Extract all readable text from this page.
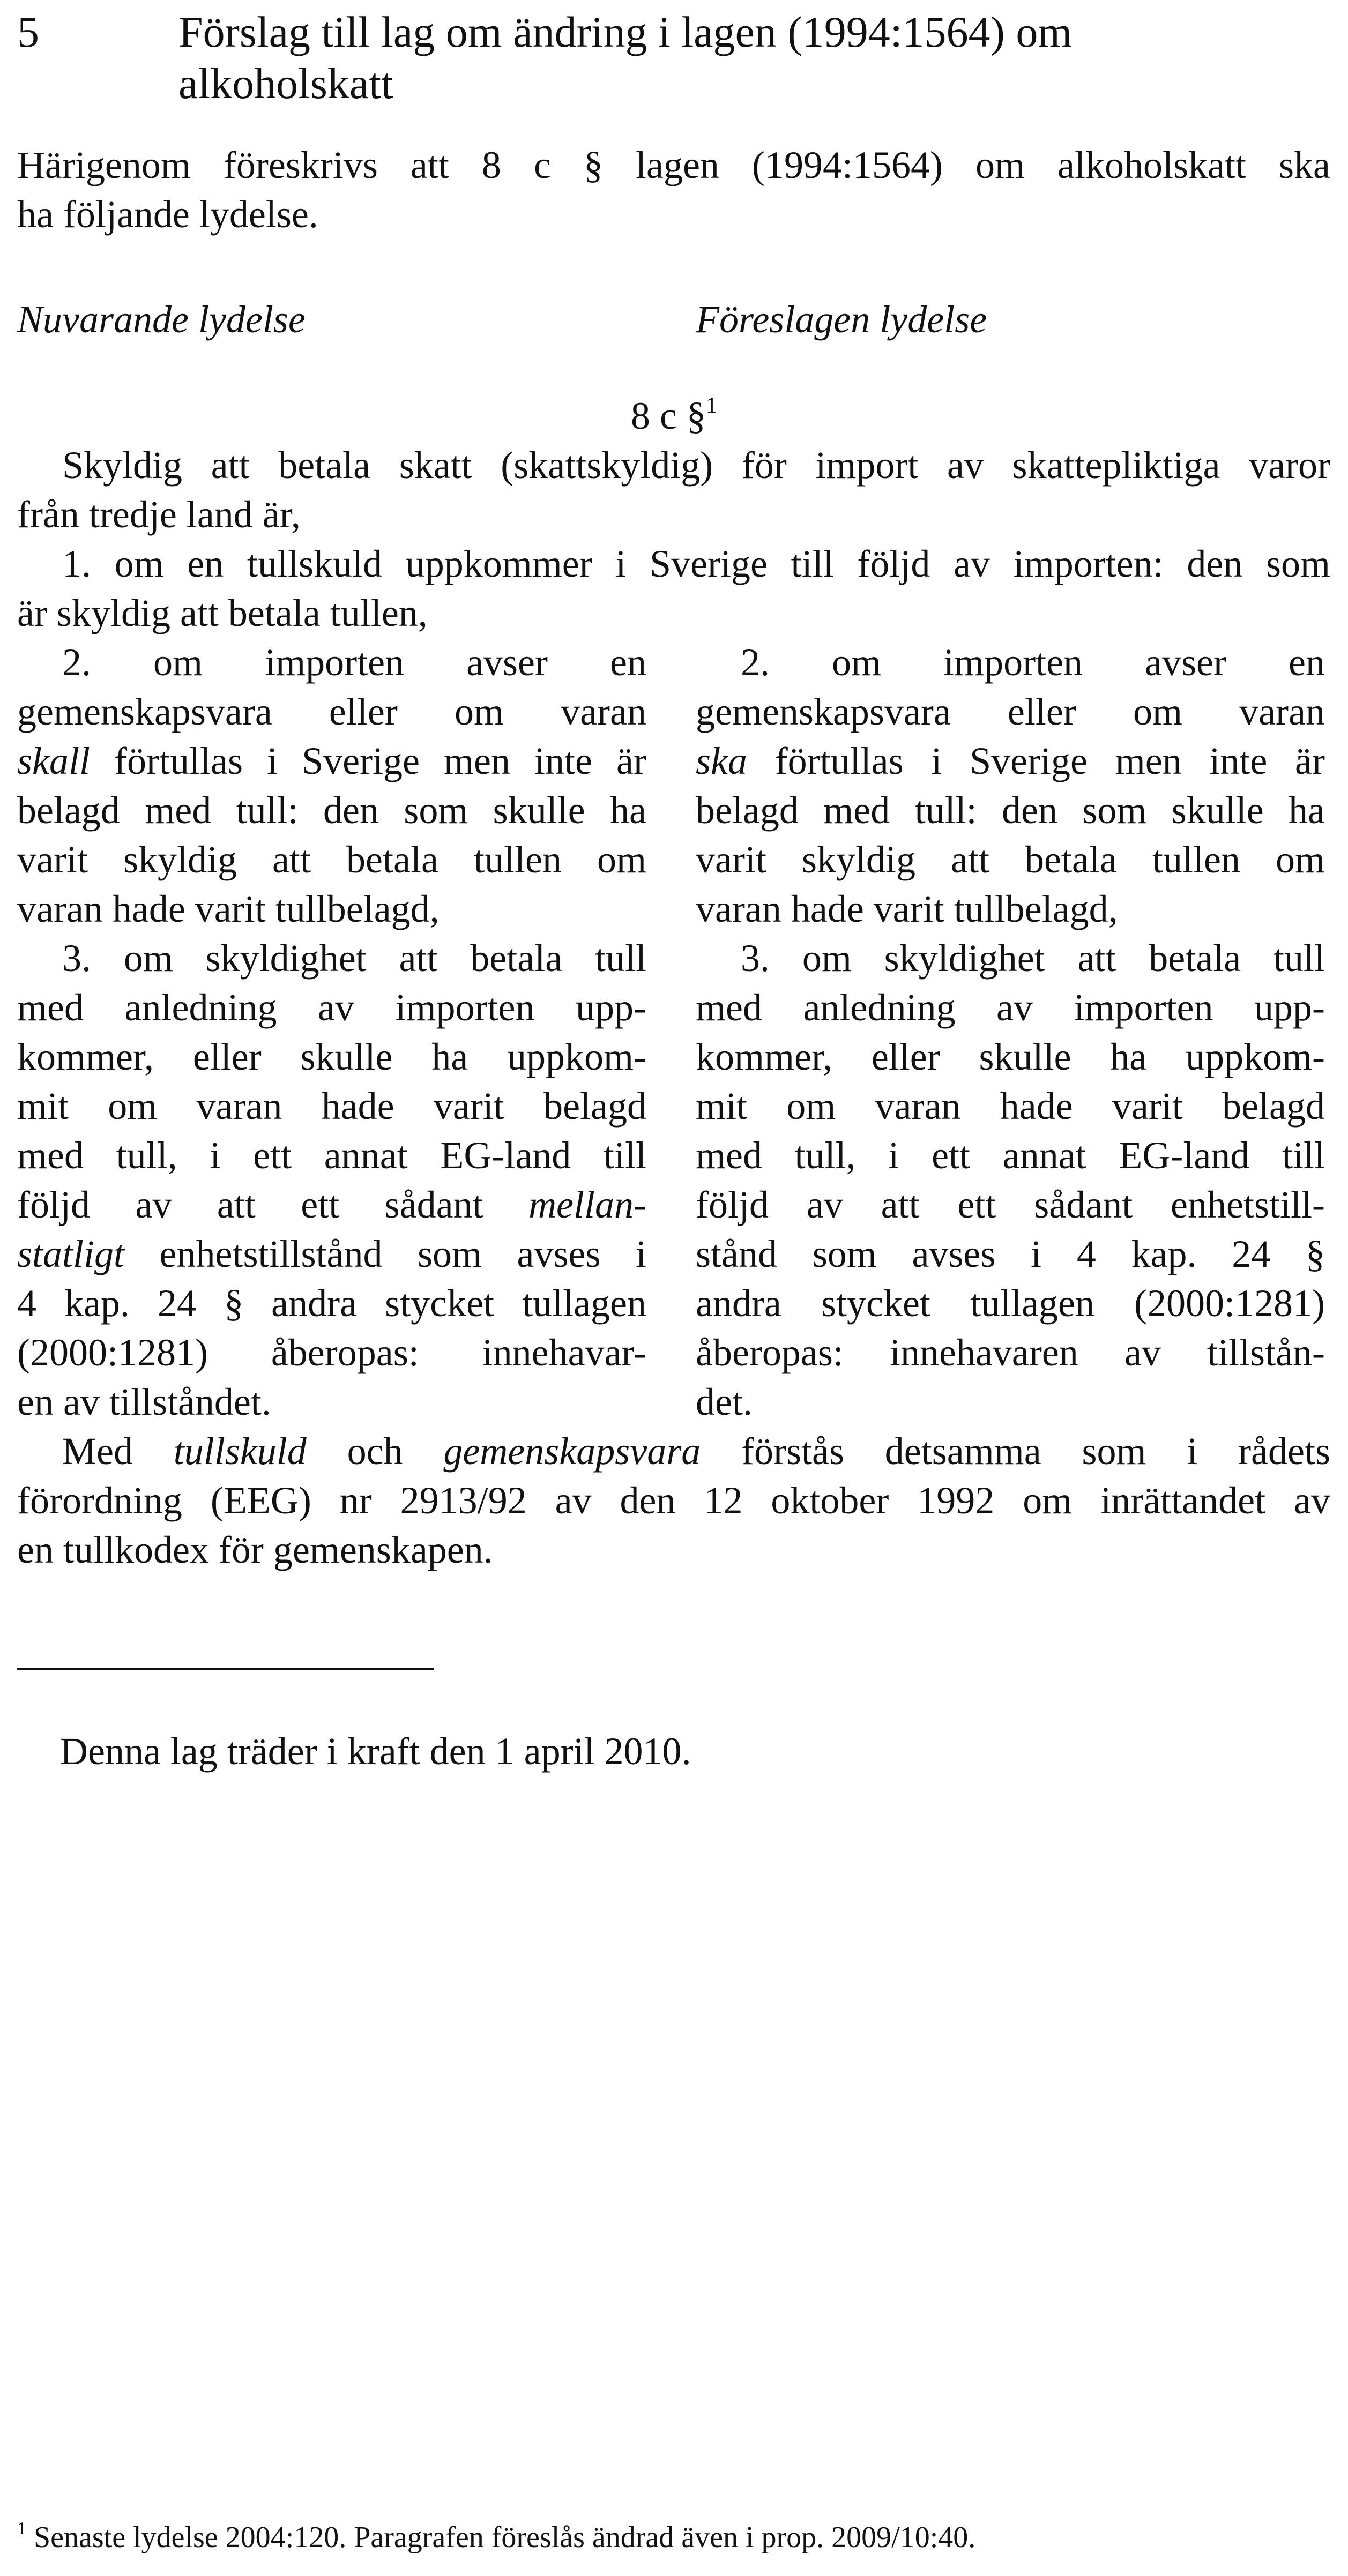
5	Förslag till lag om ändring i lagen (1994:1564) om
alkoholskatt
Härigenom föreskrivs att 8 c § lagen (1994:1564) om alkoholskatt ska
ha följande lydelse.
Nuvarande lydelse	Föreslagen lydelse
8 c §$^1$
Skyldig att betala skatt (skattskyldig) för import av skattepliktiga varor
från tredje land är,
1. om en tullskuld uppkommer i Sverige till följd av importen: den som
är skyldig att betala tullen,
2. om importen avser en
gemenskapsvara eller om varan
skall förtullas i Sverige men inte är
belagd med tull: den som skulle ha
varit skyldig att betala tullen om
varan hade varit tullbelagd,
2. om importen avser en
gemenskapsvara eller om varan
ska förtullas i Sverige men inte är
belagd med tull: den som skulle ha
varit skyldig att betala tullen om
varan hade varit tullbelagd,
3. om skyldighet att betala tull
med anledning av importen upp-
kommer, eller skulle ha uppkom-
mit om varan hade varit belagd
med tull, i ett annat EG-land till
följd av att ett sådant mellan-
statligt enhetstillstånd som avses i
4 kap. 24 § andra stycket tullagen
(2000:1281) åberopas: innehavar-
en av tillståndet.
3. om skyldighet att betala tull
med anledning av importen upp-
kommer, eller skulle ha uppkom-
mit om varan hade varit belagd
med tull, i ett annat EG-land till
följd av att ett sådant enhetstill-
stånd som avses i 4 kap. 24 §
andra stycket tullagen (2000:1281)
åberopas: innehavaren av tillstån-
det.
Med tullskuld och gemenskapsvara förstås detsamma som i rådets
förordning (EEG) nr 2913/92 av den 12 oktober 1992 om inrättandet av
en tullkodex för gemenskapen.
Denna lag träder i kraft den 1 april 2010.
$^1$ Senaste lydelse 2004:120. Paragrafen föreslås ändrad även i prop. 2009/10:40.
